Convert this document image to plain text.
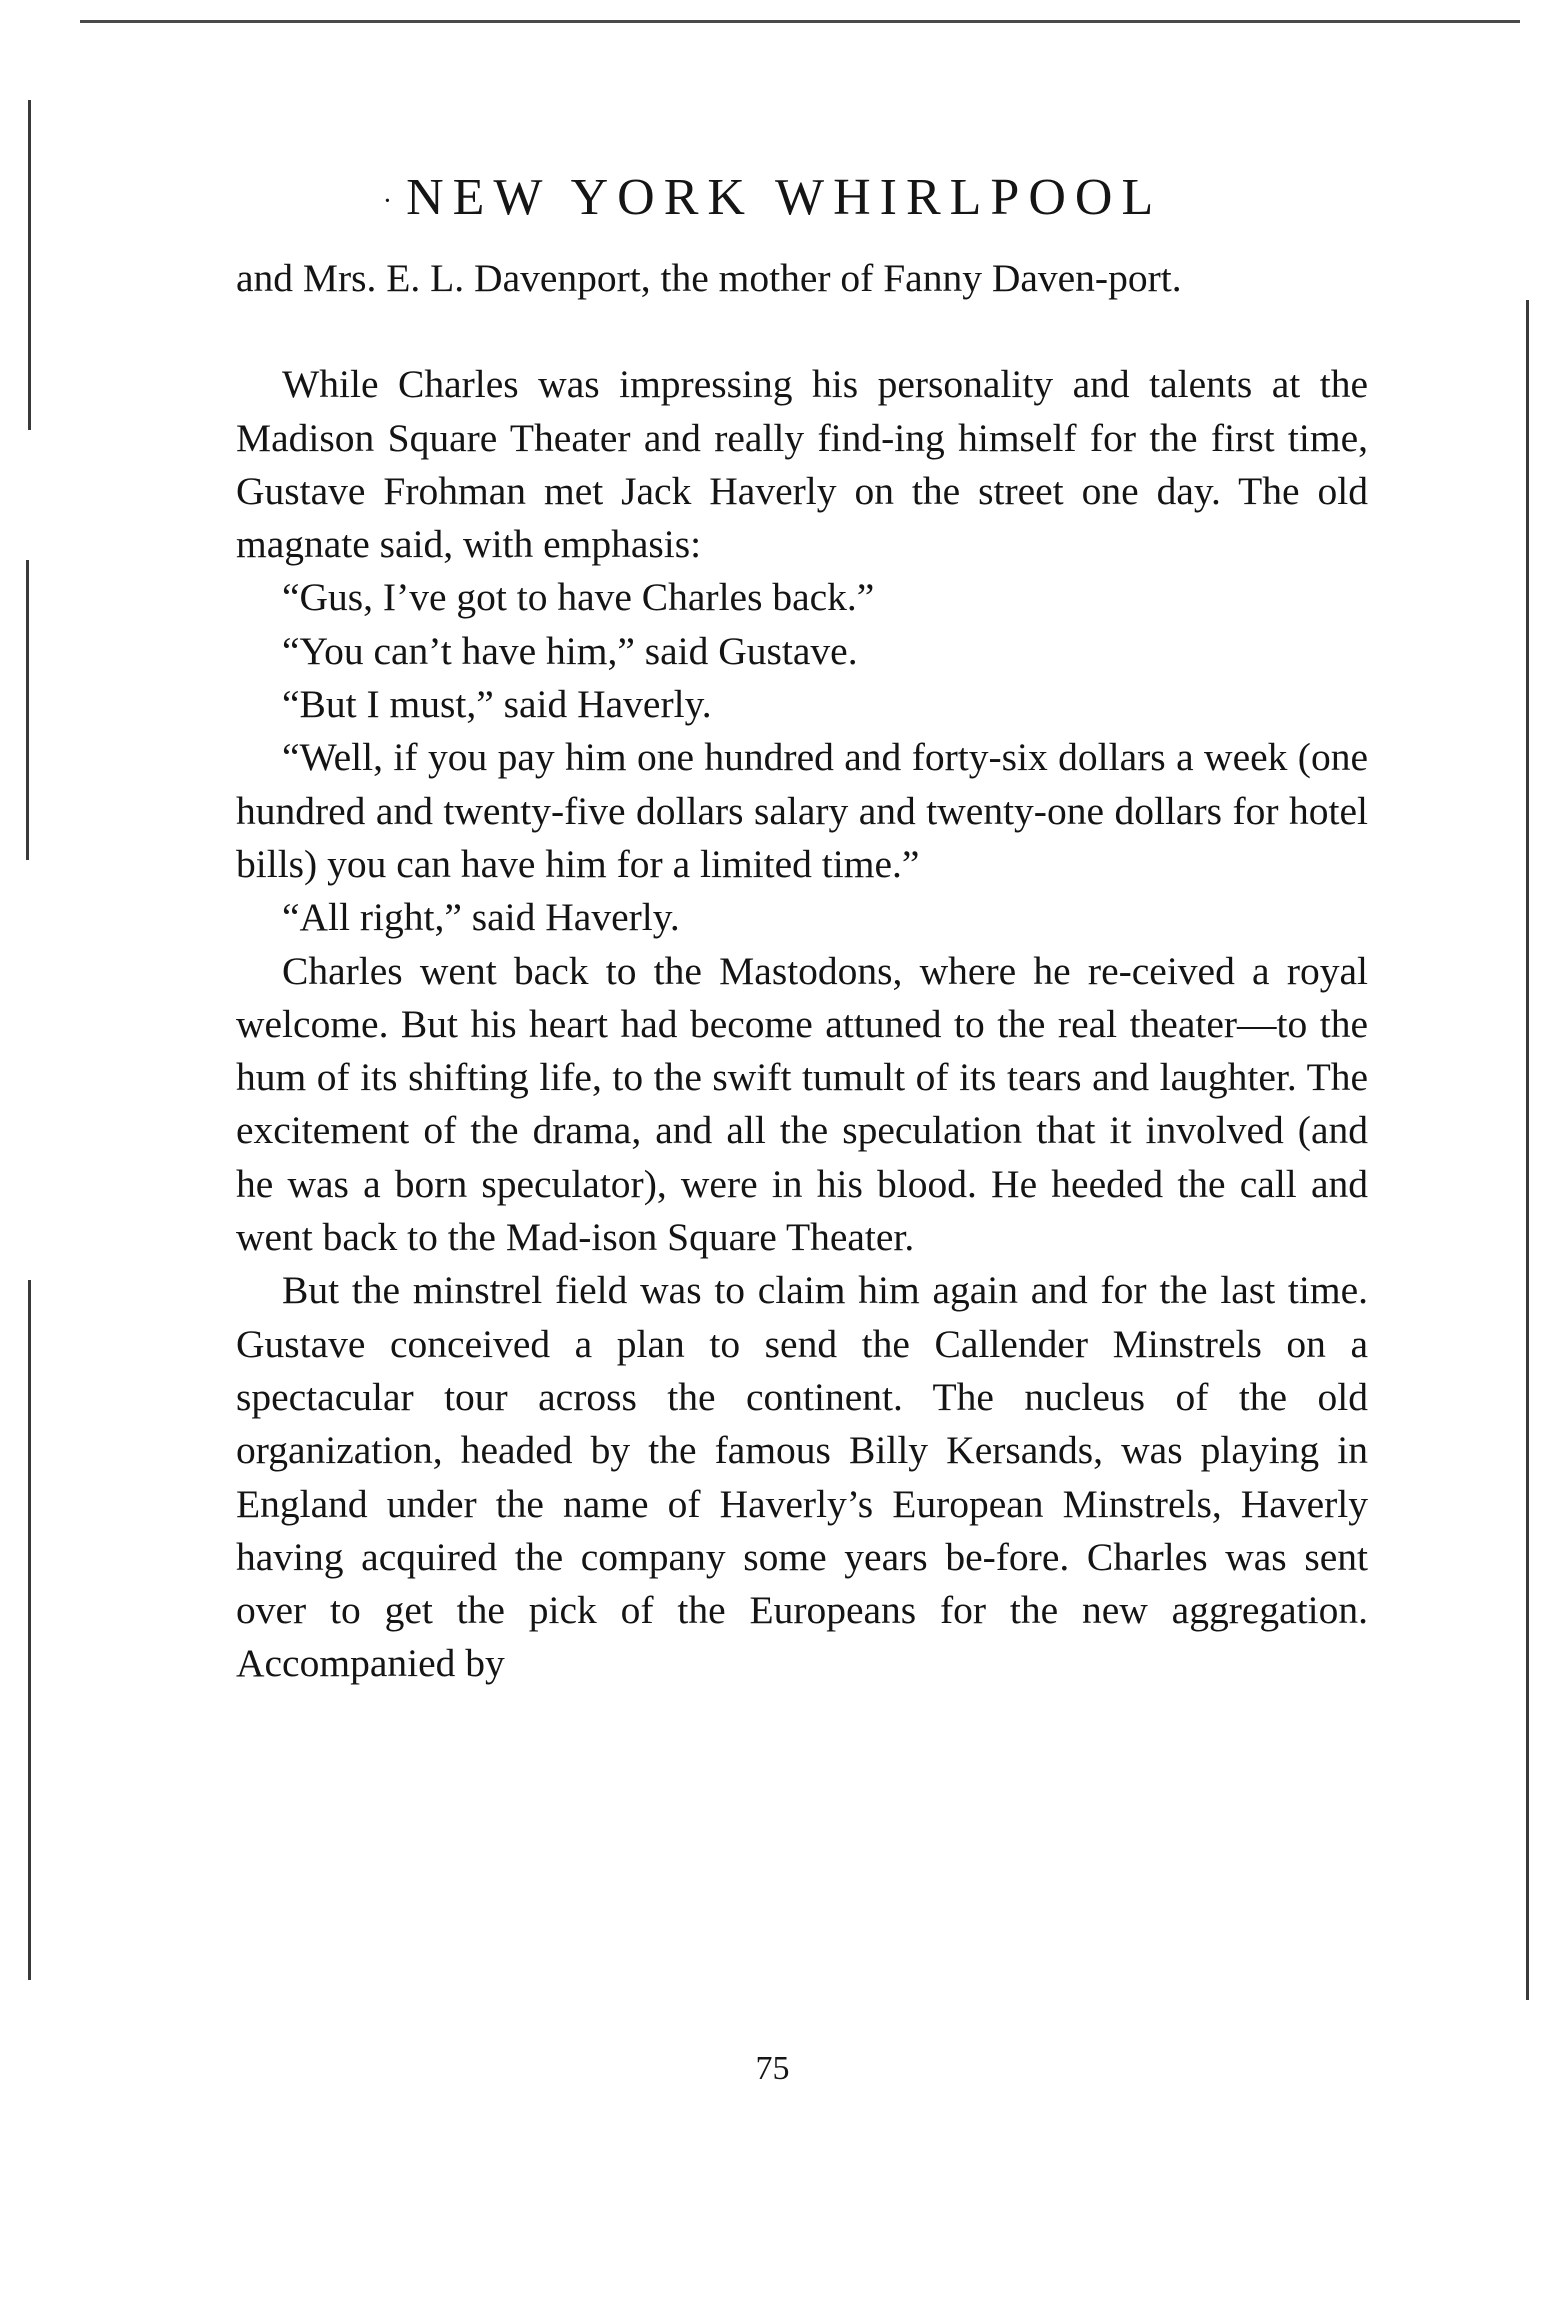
· NEW YORK WHIRLPOOL

and Mrs. E. L. Davenport, the mother of Fanny Daven-port.

While Charles was impressing his personality and talents at the Madison Square Theater and really find-ing himself for the first time, Gustave Frohman met Jack Haverly on the street one day. The old magnate said, with emphasis:

“Gus, I’ve got to have Charles back.”

“You can’t have him,” said Gustave.

“But I must,” said Haverly.

“Well, if you pay him one hundred and forty-six dollars a week (one hundred and twenty-five dollars salary and twenty-one dollars for hotel bills) you can have him for a limited time.”

“All right,” said Haverly.

Charles went back to the Mastodons, where he re-ceived a royal welcome. But his heart had become attuned to the real theater—to the hum of its shifting life, to the swift tumult of its tears and laughter. The excitement of the drama, and all the speculation that it involved (and he was a born speculator), were in his blood. He heeded the call and went back to the Mad-ison Square Theater.

But the minstrel field was to claim him again and for the last time. Gustave conceived a plan to send the Callender Minstrels on a spectacular tour across the continent. The nucleus of the old organization, headed by the famous Billy Kersands, was playing in England under the name of Haverly’s European Minstrels, Haverly having acquired the company some years be-fore. Charles was sent over to get the pick of the Europeans for the new aggregation. Accompanied by

75
